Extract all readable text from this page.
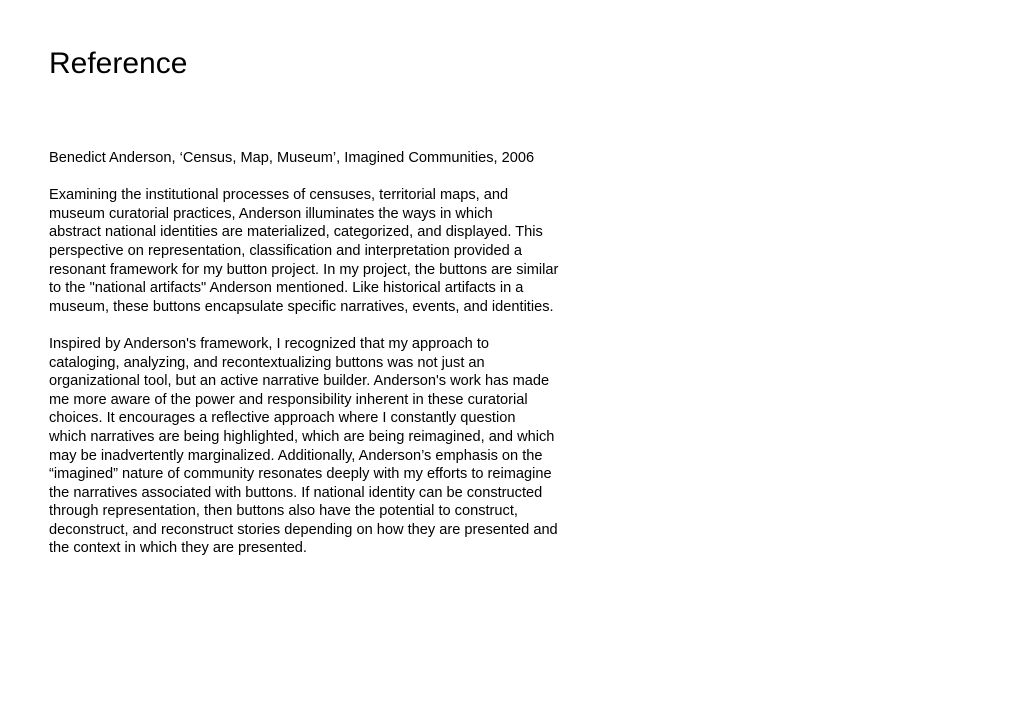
Reference
Benedict Anderson, ‘Census, Map, Museum’, Imagined Communities, 2006
Examining the institutional processes of censuses, territorial maps, and
museum curatorial practices, Anderson illuminates the ways in which
abstract national identities are materialized, categorized, and displayed. This
perspective on representation, classification and interpretation provided a
resonant framework for my button project. In my project, the buttons are similar
to the "national artifacts" Anderson mentioned. Like historical artifacts in a
museum, these buttons encapsulate specific narratives, events, and identities.
Inspired by Anderson's framework, I recognized that my approach to
cataloging, analyzing, and recontextualizing buttons was not just an
organizational tool, but an active narrative builder. Anderson's work has made
me more aware of the power and responsibility inherent in these curatorial
choices. It encourages a reflective approach where I constantly question
which narratives are being highlighted, which are being reimagined, and which
may be inadvertently marginalized. Additionally, Anderson’s emphasis on the
“imagined” nature of community resonates deeply with my efforts to reimagine
the narratives associated with buttons. If national identity can be constructed
through representation, then buttons also have the potential to construct,
deconstruct, and reconstruct stories depending on how they are presented and
the context in which they are presented.
